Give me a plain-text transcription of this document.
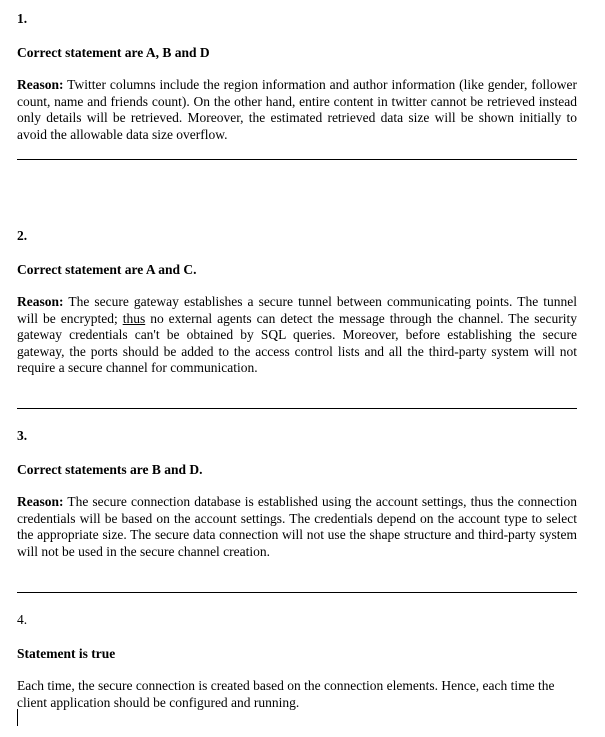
1.

Correct statement are A, B and D

Reason: Twitter columns include the region information and author information (like gender, follower count, name and friends count). On the other hand, entire content in twitter cannot be retrieved instead only details will be retrieved. Moreover, the estimated retrieved data size will be shown initially to avoid the allowable data size overflow.

2.

Correct statement are A and C.

Reason: The secure gateway establishes a secure tunnel between communicating points. The tunnel will be encrypted; thus no external agents can detect the message through the channel. The security gateway credentials can't be obtained by SQL queries. Moreover, before establishing the secure gateway, the ports should be added to the access control lists and all the third-party system will not require a secure channel for communication.

3.

Correct statements are B and D.

Reason: The secure connection database is established using the account settings, thus the connection credentials will be based on the account settings. The credentials depend on the account type to select the appropriate size. The secure data connection will not use the shape structure and third-party system will not be used in the secure channel creation.

4.

Statement is true

Each time, the secure connection is created based on the connection elements. Hence, each time the client application should be configured and running.
